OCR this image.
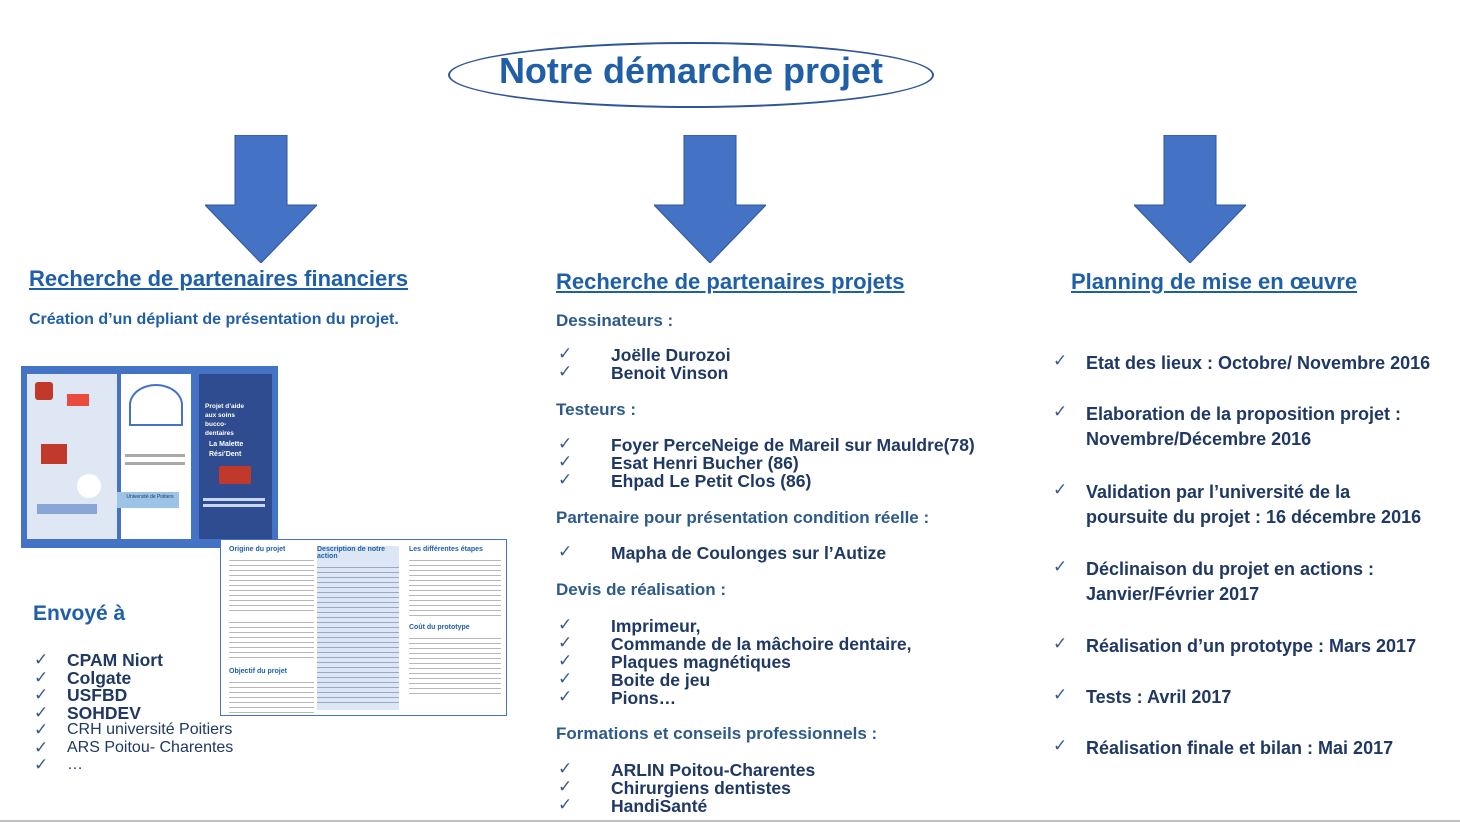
Notre démarche projet
Recherche de partenaires financiers
Création d’un dépliant de présentation du projet.
Université de Poitiers
Projet d’aide aux soins bucco-dentaires
La Malette Rési’Dent
Origine du projet
Objectif du projet
Description de notre action
Les différentes étapes
Coût du prototype
Envoyé à
✓ CPAM Niort
✓ Colgate
✓ USFBD
✓ SOHDEV
✓ CRH université Poitiers
✓ ARS Poitou- Charentes
✓ …
Recherche de partenaires projets
Dessinateurs :
✓ Joëlle Durozoi
✓ Benoit Vinson
Testeurs :
✓ Foyer PerceNeige de Mareil sur Mauldre(78)
✓ Esat Henri Bucher (86)
✓ Ehpad Le Petit Clos (86)
Partenaire pour présentation condition réelle :
✓ Mapha de Coulonges sur l’Autize
Devis de réalisation :
✓ Imprimeur,
✓ Commande de la mâchoire dentaire,
✓ Plaques magnétiques
✓ Boite de jeu
✓ Pions…
Formations et conseils professionnels :
✓ ARLIN Poitou-Charentes
✓ Chirurgiens dentistes
✓ HandiSanté
Planning de mise en œuvre
✓ Etat des lieux : Octobre/ Novembre 2016
✓ Elaboration de la proposition projet :
Novembre/Décembre 2016
✓ Validation par l’université de la
poursuite du projet : 16 décembre 2016
✓ Déclinaison du projet en actions :
Janvier/Février 2017
✓ Réalisation d’un prototype : Mars 2017
✓ Tests : Avril 2017
✓ Réalisation finale et bilan : Mai 2017
